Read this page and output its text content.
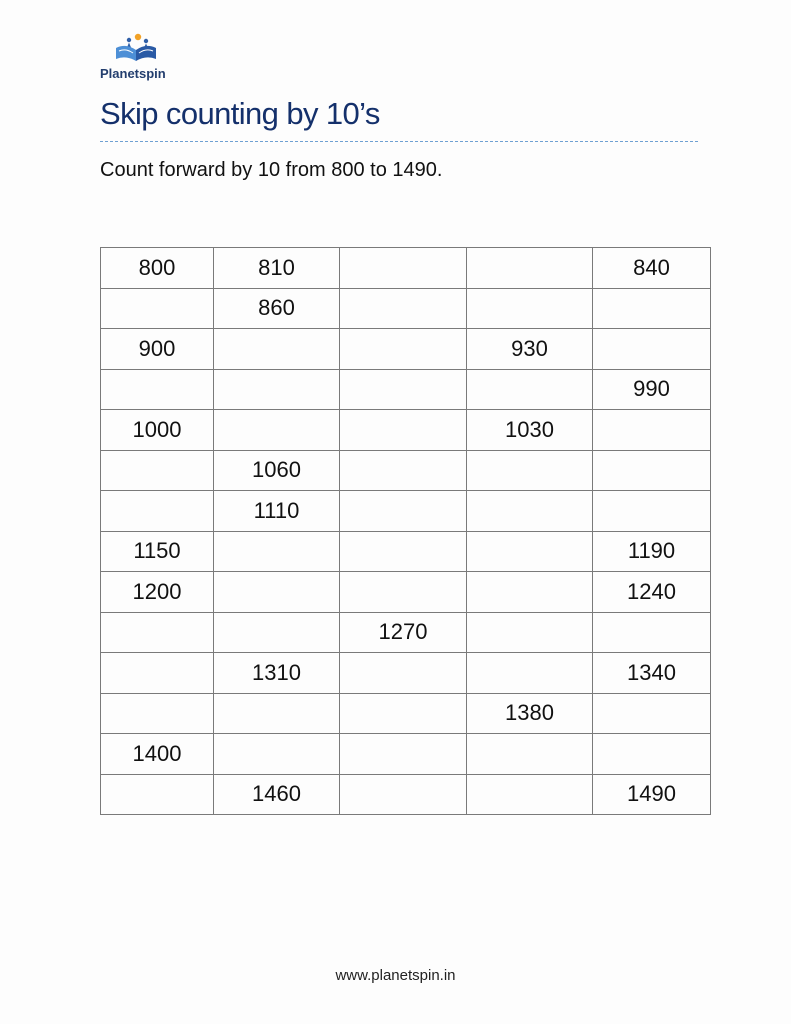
Planetspin
Skip counting by 10’s
Count forward by 10 from 800 to 1490.
800	810			840
	860			
900			930	
				990
1000			1030	
	1060			
	1110			
1150				1190
1200				1240
		1270		
	1310			1340
			1380	
1400				
	1460			1490
www.planetspin.in
